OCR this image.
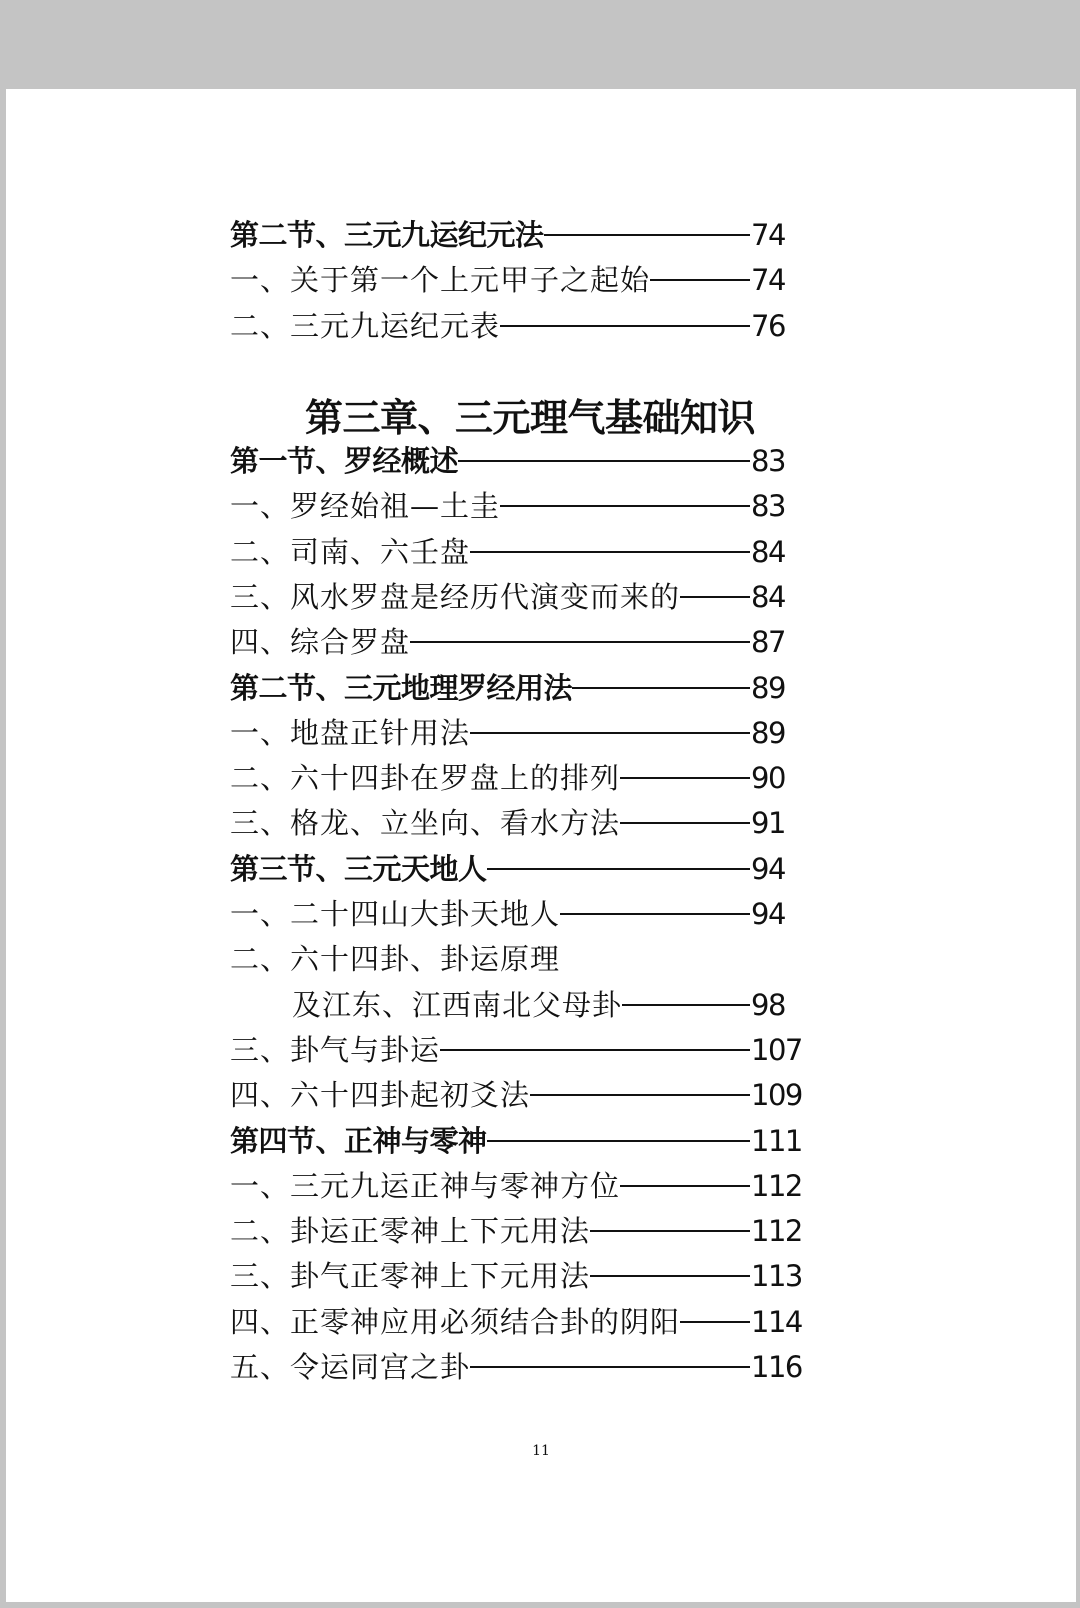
第三章、三元理气基础知识
第二节、三元九运纪元法	74
一、关于第一个上元甲子之起始	74
二、三元九运纪元表	76
第一节、罗经概述	83
一、罗经始祖—土圭	83
二、司南、六壬盘	84
三、风水罗盘是经历代演变而来的 84
四、综合罗盘	87
第二节、三元地理罗经用法	89
一、地盘正针用法	89
二、六十四卦在罗盘上的排列	90
三、格龙、立坐向、看水方法	91
第三节、三元天地人	94
一、二十四山大卦天地人	94
二、六十四卦、卦运原理
及江东、江西南北父母卦	98
三、卦气与卦运	107
四、六十四卦起初爻法	109
第四节、正神与零神	111
一、三元九运正神与零神方位	112
二、卦运正零神上下元用法	112
三、卦气正零神上下元用法	113
四、正零神应用必须结合卦的阴阳 114
五、令运同宫之卦	116
11
